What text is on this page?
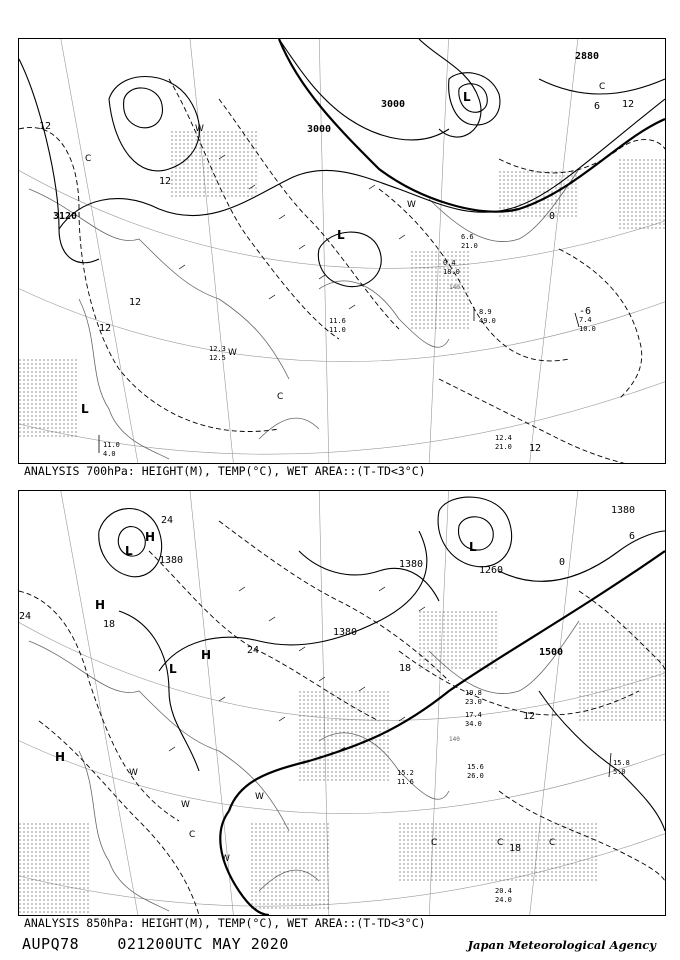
3000
3120
2880
3000
12
12
12
12
0
-6
12
12
6
L
L
L
W
W
W
C
C
C
8.9
49.0
12.4
21.0
11.0
4.0
7.4
10.0
12.3
12.5
6.6
21.0
0.4
18.0
11.6
11.0
140
ANALYSIS 700hPa: HEIGHT(M), TEMP(°C), WET AREA::(T-TD<3°C)
1380	1380
1380
1380
1500
1260
24
24
24
18
18
12
18
6
0
L
L
L
H
H
H
H
W
W
W
W
C
C	C	C
15.6
26.0
15.8
5.0
20.4
24.0
19.8
23.0
17.4
34.0
15.2
11.6
140
ANALYSIS 850hPa: HEIGHT(M), TEMP(°C), WET AREA::(T-TD<3°C)
AUPQ78	021200UTC MAY 2020	Japan Meteorological Agency
